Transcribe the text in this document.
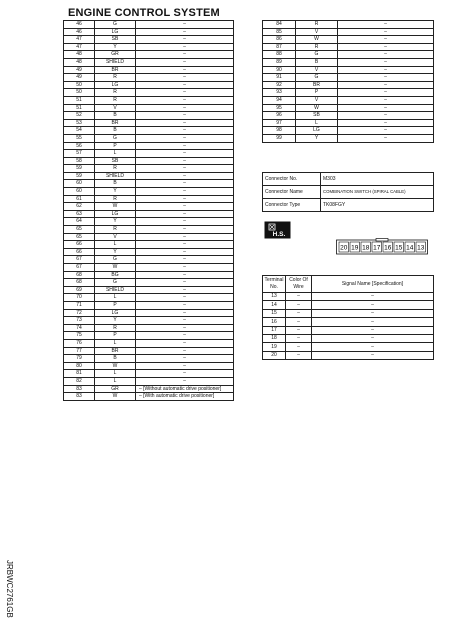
ENGINE CONTROL SYSTEM
46	G	–
46	LG	–
47	SB	–
47	Y	–
48	GR	–
48	SHIELD	–
49	BR	–
49	R	–
50	LG	–
50	R	–
51	R	–
51	V	–
52	B	–
53	BR	–
54	B	–
55	G	–
56	P	–
57	L	–
58	SB	–
59	R	–
59	SHIELD	–
60	B	–
60	Y	–
61	R	–
62	W	–
63	LG	–
64	Y	–
65	R	–
65	V	–
66	L	–
66	Y	–
67	G	–
67	W	–
68	BG	–
68	G	–
69	SHIELD	–
70	L	–
71	P	–
72	LG	–
73	Y	–
74	R	–
75	P	–
76	L	–
77	BR	–
79	B	–
80	W	–
81	L	–
82	L	–
83	GR	– [Without automatic drive positioner]
83	W	– [With automatic drive positioner]
84	R	–
85	V	–
86	W	–
87	R	–
88	G	–
89	B	–
90	V	–
91	G	–
92	BR	–
93	P	–
94	V	–
95	W	–
96	SB	–
97	L	–
98	LG	–
99	Y	–
Connector No.	M303
Connector Name	COMBINATION SWITCH (SPIRAL CABLE)
Connector Type	TK08FGY
H.S.
20 19 18 17 16 15 14 13
Terminal No.	Color Of Wire	Signal Name [Specification]
13	–	–
14	–	–
15	–	–
16	–	–
17	–	–
18	–	–
19	–	–
20	–	–
JRBWC2761GB
